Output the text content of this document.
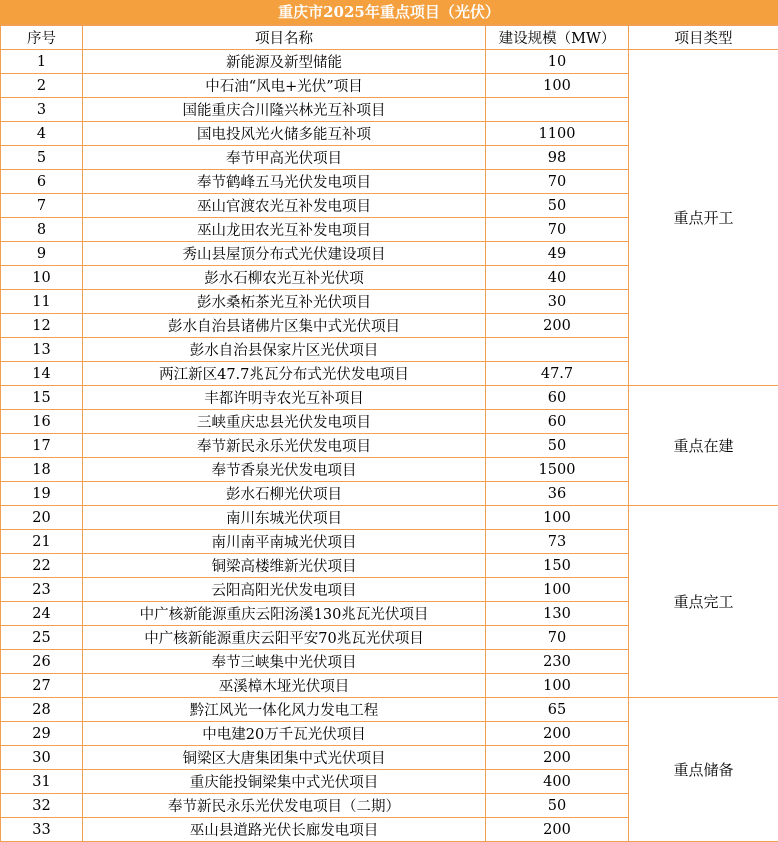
重庆市2025年重点项目（光伏）
序号	项目名称	建设规模（MW）	项目类型
1	新能源及新型储能	10	重点开工
2	中石油“风电+光伏”项目	100	
3	国能重庆合川隆兴林光互补项目		
4	国电投风光火储多能互补项	1100	
5	奉节甲高光伏项目	98	
6	奉节鹤峰五马光伏发电项目	70	
7	巫山官渡农光互补发电项目	50	
8	巫山龙田农光互补发电项目	70	
9	秀山县屋顶分布式光伏建设项目	49	
10	彭水石柳农光互补光伏项	40	
11	彭水桑柘茶光互补光伏项目	30	
12	彭水自治县诸佛片区集中式光伏项目	200	
13	彭水自治县保家片区光伏项目		
14	两江新区47.7兆瓦分布式光伏发电项目	47.7	
15	丰都许明寺农光互补项目	60	重点在建
16	三峡重庆忠县光伏发电项目	60	
17	奉节新民永乐光伏发电项目	50	
18	奉节香泉光伏发电项目	1500	
19	彭水石柳光伏项目	36	
20	南川东城光伏项目	100	重点完工
21	南川南平南城光伏项目	73	
22	铜梁高楼维新光伏项目	150	
23	云阳高阳光伏发电项目	100	
24	中广核新能源重庆云阳汤溪130兆瓦光伏项目	130	
25	中广核新能源重庆云阳平安70兆瓦光伏项目	70	
26	奉节三峡集中光伏项目	230	
27	巫溪樟木垭光伏项目	100	
28	黔江风光一体化风力发电工程	65	重点储备
29	中电建20万千瓦光伏项目	200	
30	铜梁区大唐集团集中式光伏项目	200	
31	重庆能投铜梁集中式光伏项目	400	
32	奉节新民永乐光伏发电项目（二期）	50	
33	巫山县道路光伏长廊发电项目	200	
